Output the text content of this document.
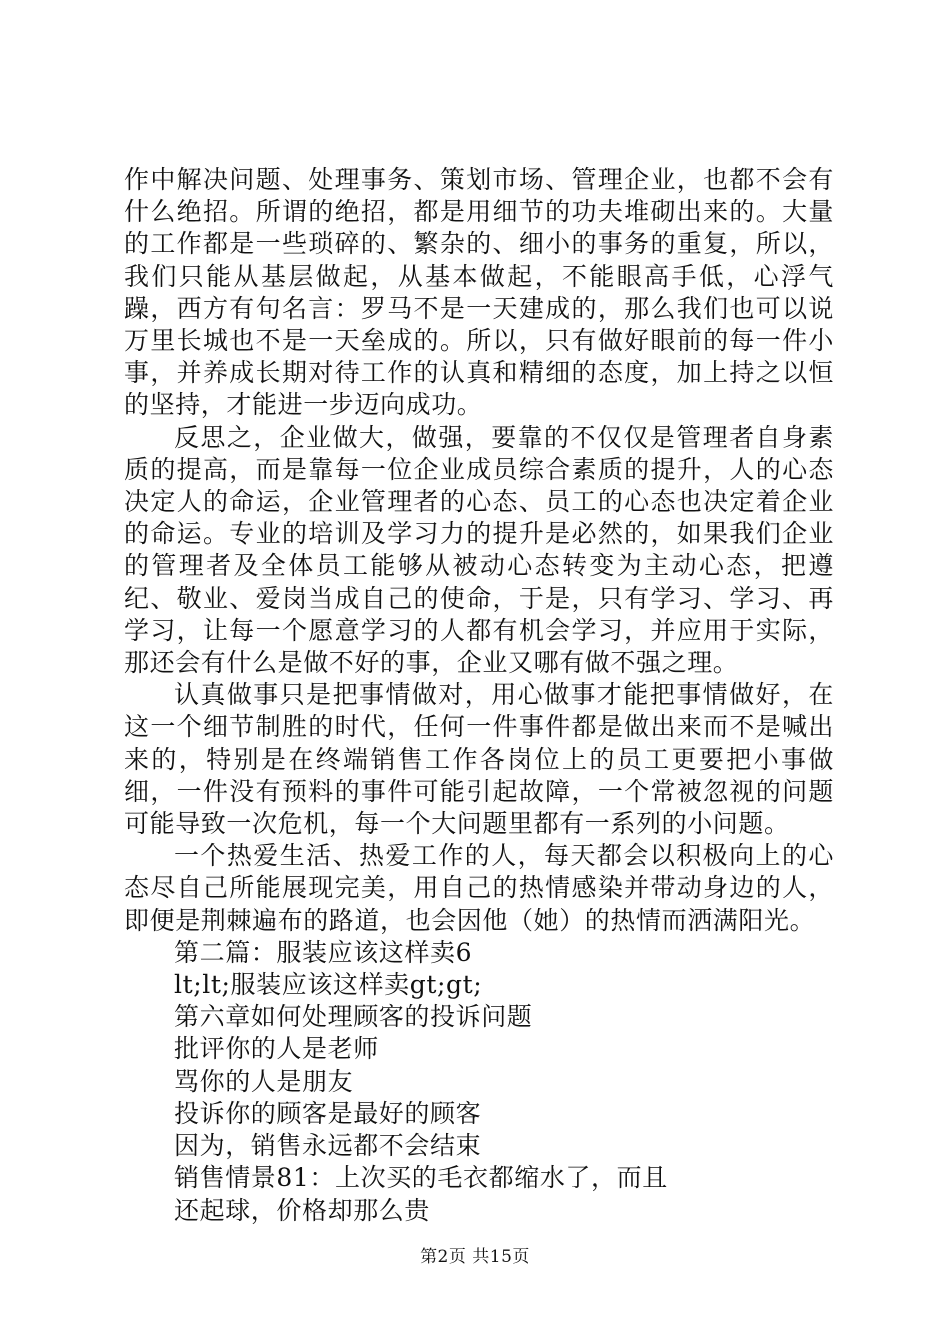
作中解决问题、处理事务、策划市场、管理企业，也都不会有什么绝招。所谓的绝招，都是用细节的功夫堆砌出来的。大量的工作都是一些琐碎的、繁杂的、细小的事务的重复，所以，我们只能从基层做起，从基本做起，不能眼高手低，心浮气躁，西方有句名言：罗马不是一天建成的，那么我们也可以说万里长城也不是一天垒成的。所以，只有做好眼前的每一件小事，并养成长期对待工作的认真和精细的态度，加上持之以恒的坚持，才能进一步迈向成功。

反思之，企业做大，做强，要靠的不仅仅是管理者自身素质的提高，而是靠每一位企业成员综合素质的提升，人的心态决定人的命运，企业管理者的心态、员工的心态也决定着企业的命运。专业的培训及学习力的提升是必然的，如果我们企业的管理者及全体员工能够从被动心态转变为主动心态，把遵纪、敬业、爱岗当成自己的使命，于是，只有学习、学习、再学习，让每一个愿意学习的人都有机会学习，并应用于实际，那还会有什么是做不好的事，企业又哪有做不强之理。

认真做事只是把事情做对，用心做事才能把事情做好，在这一个细节制胜的时代，任何一件事件都是做出来而不是喊出来的，特别是在终端销售工作各岗位上的员工更要把小事做细，一件没有预料的事件可能引起故障，一个常被忽视的问题可能导致一次危机，每一个大问题里都有一系列的小问题。

一个热爱生活、热爱工作的人，每天都会以积极向上的心态尽自己所能展现完美，用自己的热情感染并带动身边的人，即便是荆棘遍布的路道，也会因他（她）的热情而洒满阳光。

第二篇：服装应该这样卖6

lt;lt;服装应该这样卖gt;gt;

第六章如何处理顾客的投诉问题

批评你的人是老师

骂你的人是朋友

投诉你的顾客是最好的顾客

因为，销售永远都不会结束

销售情景81：上次买的毛衣都缩水了，而且

还起球，价格却那么贵

第2页 共15页
